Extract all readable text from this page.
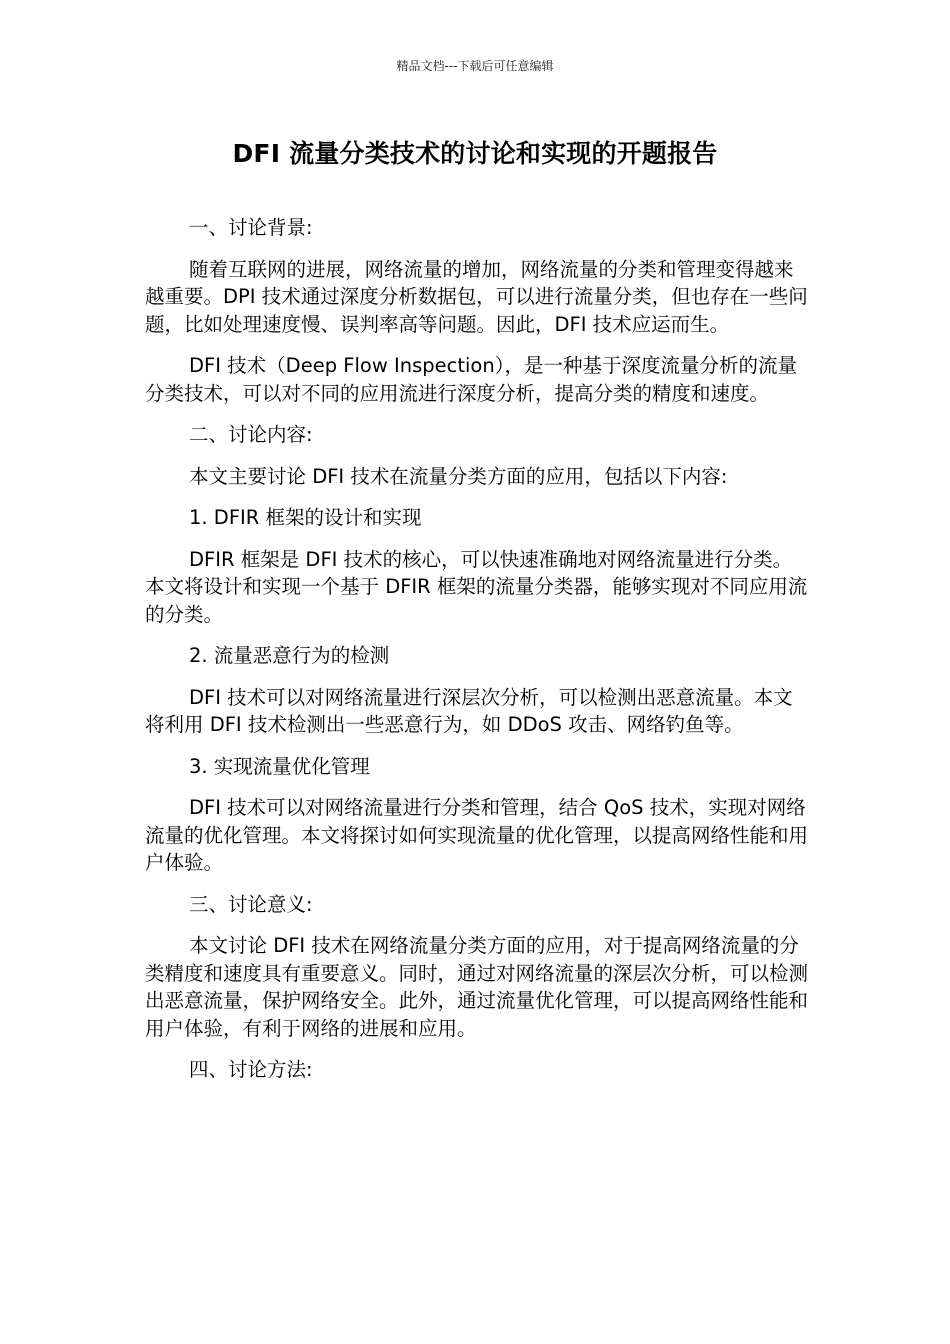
精品文档---下载后可任意编辑
DFI 流量分类技术的讨论和实现的开题报告

一、讨论背景:

随着互联网的进展，网络流量的增加，网络流量的分类和管理变得越来越重要。DPI 技术通过深度分析数据包，可以进行流量分类，但也存在一些问题，比如处理速度慢、误判率高等问题。因此，DFI 技术应运而生。

DFI 技术（Deep Flow Inspection），是一种基于深度流量分析的流量分类技术，可以对不同的应用流进行深度分析，提高分类的精度和速度。

二、讨论内容:

本文主要讨论 DFI 技术在流量分类方面的应用，包括以下内容:

1. DFIR 框架的设计和实现

DFIR 框架是 DFI 技术的核心，可以快速准确地对网络流量进行分类。本文将设计和实现一个基于 DFIR 框架的流量分类器，能够实现对不同应用流的分类。

2. 流量恶意行为的检测

DFI 技术可以对网络流量进行深层次分析，可以检测出恶意流量。本文将利用 DFI 技术检测出一些恶意行为，如 DDoS 攻击、网络钓鱼等。

3. 实现流量优化管理

DFI 技术可以对网络流量进行分类和管理，结合 QoS 技术，实现对网络流量的优化管理。本文将探讨如何实现流量的优化管理，以提高网络性能和用户体验。

三、讨论意义:

本文讨论 DFI 技术在网络流量分类方面的应用，对于提高网络流量的分类精度和速度具有重要意义。同时，通过对网络流量的深层次分析，可以检测出恶意流量，保护网络安全。此外，通过流量优化管理，可以提高网络性能和用户体验，有利于网络的进展和应用。

四、讨论方法:
